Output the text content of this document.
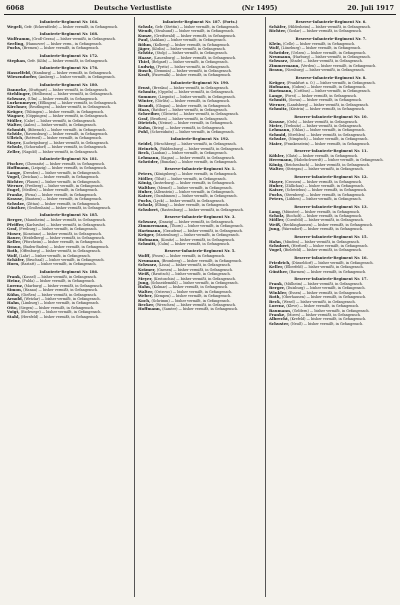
6068	Deutsche Verlustliste	(Nr 1495)	20. Juli 1917
Infanterie-Regiment Nr. 164.

Wegeli, Gefr. (Eckernförde) — bisher vermißt, in Gefangensch.

Infanterie-Regiment Nr. 168.

Wolframm, (Groß-Gerau) — bisher vermißt, in Gefangensch.

Seeling, (Hannover) — bisher verm., in Gefangensch.

Fuchs, (Bremen) — bisher vermißt, in Gefangensch.

Infanterie-Regiment Nr. 172.

Stephan, Gefr. (Köln) — bisher vermißt, in Gefangensch.

Infanterie-Regiment Nr. 176.

Hasselfeld, (Hamburg) — bisher vermißt, in Gefangensch.

Wiesendorfer, (Amberg) — bisher vermißt, in Gefangensch.

Infanterie-Regiment Nr. 180.

Danneke, (Stuttgart) — bisher vermißt, in Gefangensch.

Stehlinger, (Heilbronn) — bisher vermißt, in Gefangensch.

Schwarz, (Ulm) — bisher vermißt, in Gefangensch.

Lurkenmeyer, (Eßlingen) — bisher vermißt, in Gefangensch.

Kirchner, (Reutlingen) — bisher vermißt, in Gefangensch.

Krüger, (Tübingen) — bisher vermißt, in Gefangensch.

Wagner, (Göppingen) — bisher vermißt, in Gefangensch.

Müller, (Calw) — bisher vermißt, in Gefangensch.

Walter, (Aalen) — bisher vermißt, in Gefangensch.

Schmidt, (Biberach) — bisher vermißt, in Gefangensch.

Schüle, (Ravensburg) — bisher vermißt, in Gefangensch.

Ullrich, (Rottweil) — bisher vermißt, in Gefangensch.

Mayer, (Ludwigsburg) — bisher vermißt, in Gefangensch.

Schule, (Schorndorf) — bisher vermißt, in Gefangensch.

Zeller, (Nagold) — bisher vermißt, in Gefangensch.

Infanterie-Regiment Nr. 181.

Fischer, (Chemnitz) — bisher vermißt, in Gefangensch.

Hoffmann, (Leipzig) — bisher vermißt, in Gefangensch.

Lange, (Dresden) — bisher vermißt, in Gefangensch.

Vogel, (Zwickau) — bisher vermißt, in Gefangensch.

Richter, (Plauen) — bisher vermißt, in Gefangensch.

Werner, (Freiberg) — bisher vermißt, in Gefangensch.

Engel, (Meißen) — bisher vermißt, in Gefangensch.

Franke, (Pirna) — bisher vermißt, in Gefangensch.

Krause, (Bautzen) — bisher vermißt, in Gefangensch.

Schulze, (Zittau) — bisher vermißt, in Gefangensch.

Günther, (Großenhain) — bisher vermißt, in Gefangensch.

Infanterie-Regiment Nr. 185.

Berger, (Mannheim) — bisher vermißt, in Gefangensch.

Pfeiffer, (Karlsruhe) — bisher vermißt, in Gefangensch.

Graf, (Freiburg) — bisher vermißt, in Gefangensch.

Moser, (Konstanz) — bisher vermißt, in Gefangensch.

Bauer, (Heidelberg) — bisher vermißt, in Gefangensch.

Keller, (Pforzheim) — bisher vermißt, in Gefangensch.

Braun, (Baden-Baden) — bisher vermißt, in Gefangensch.

Roth, (Offenburg) — bisher vermißt, in Gefangensch.

Wolf, (Lahr) — bisher vermißt, in Gefangensch.

Schäfer, (Bruchsal) — bisher vermißt, in Gefangensch.

Horn, (Rastatt) — bisher vermißt, in Gefangensch.

Infanterie-Regiment Nr. 186.

Frank, (Kassel) — bisher vermißt, in Gefangensch.

Heinz, (Fulda) — bisher vermißt, in Gefangensch.

Lorenz, (Marburg) — bisher vermißt, in Gefangensch.

Simon, (Hanau) — bisher vermißt, in Gefangensch.

Kühn, (Gießen) — bisher vermißt, in Gefangensch.

Arnold, (Wetzlar) — bisher vermißt, in Gefangensch.

Hahn, (Limburg) — bisher vermißt, in Gefangensch.

Otto, (Siegen) — bisher vermißt, in Gefangensch.

Voigt, (Eschwege) — bisher vermißt, in Gefangensch.

Stahl, (Hersfeld) — bisher vermißt, in Gefangensch.

Infanterie-Regiment Nr. 187. (Forts.)

Schulz, Gefr. (Stettin) — bisher vermißt, in Gefangensch.

Wendt, (Stralsund) — bisher vermißt, in Gefangensch.

Kunze, (Greifswald) — bisher vermißt, in Gefangensch.

Paul, (Anklam) — bisher vermißt, in Gefangensch.

Böhm, (Kolberg) — bisher vermißt, in Gefangensch.

Jäger, (Köslin) — bisher vermißt, in Gefangensch.

Schütz, (Stolp) — bisher vermißt, in Gefangensch.

Haase, (Lauenburg) — bisher vermißt, in Gefangensch.

Thiel, (Belgard) — bisher vermißt, in Gefangensch.

Ludwig, (Pyritz) — bisher vermißt, in Gefangensch.

Busch, (Demmin) — bisher vermißt, in Gefangensch.

Kraft, (Pasewalk) — bisher vermißt, in Gefangensch.

Infanterie-Regiment Nr. 190.

Ernst, (Breslau) — bisher vermißt, in Gefangensch.

Schmitz, (Oppeln) — bisher vermißt, in Gefangensch.

Sommer, (Liegnitz) — bisher vermißt, in Gefangensch.

Winter, (Görlitz) — bisher vermißt, in Gefangensch.

Brandt, (Glogau) — bisher vermißt, in Gefangensch.

Haas, (Ratibor) — bisher vermißt, in Gefangensch.

Schreiber, (Gleiwitz) — bisher vermißt, in Gefangensch.

Graf, (Beuthen) — bisher vermißt, in Gefangensch.

Dietrich, (Neisse) — bisher vermißt, in Gefangensch.

Kuhn, (Brieg) — bisher vermißt, in Gefangensch.

Pohl, (Schweidnitz) — bisher vermißt, in Gefangensch.

Infanterie-Regiment Nr. 192.

Seidel, (Hirschberg) — bisher vermißt, in Gefangensch.

Heinrich, (Waldenburg) — bisher vermißt, in Gefangensch.

Beck, (Lauban) — bisher vermißt, in Gefangensch.

Lehmann, (Sagan) — bisher vermißt, in Gefangensch.

Schröder, (Bunzlau) — bisher vermißt, in Gefangensch.

Reserve-Infanterie-Regiment Nr. 1.

Peters, (Königsberg) — bisher vermißt, in Gefangensch.

Möller, (Tilsit) — bisher vermißt, in Gefangensch.

König, (Insterburg) — bisher vermißt, in Gefangensch.

Walther, (Memel) — bisher vermißt, in Gefangensch.

Huber, (Allenstein) — bisher vermißt, in Gefangensch.

Kaiser, (Gumbinnen) — bisher vermißt, in Gefangensch.

Fuchs, (Lyck) — bisher vermißt, in Gefangensch.

Scholz, (Elbing) — bisher vermißt, in Gefangensch.

Schubert, (Rastenburg) — bisher vermißt, in Gefangensch.

Reserve-Infanterie-Regiment Nr. 3.

Schwarz, (Danzig) — bisher vermißt, in Gefangensch.

Zimmermann, (Thorn) — bisher vermißt, in Gefangensch.

Hartmann, (Graudenz) — bisher vermißt, in Gefangensch.

Krüger, (Marienburg) — bisher vermißt, in Gefangensch.

Hofmann, (Konitz) — bisher vermißt, in Gefangensch.

Schmitt, (Culm) — bisher vermißt, in Gefangensch.

Reserve-Infanterie-Regiment Nr. 5.

Wolff, (Posen) — bisher vermißt, in Gefangensch.

Neumann, (Bromberg) — bisher vermißt, in Gefangensch.

Schwarz, (Lissa) — bisher vermißt, in Gefangensch.

Krämer, (Gnesen) — bisher vermißt, in Gefangensch.

Weiß, (Rawitsch) — bisher vermißt, in Gefangensch.

Meyer, (Krotoschin) — bisher vermißt, in Gefangensch.

Jung, (Schneidemühl) — bisher vermißt, in Gefangensch.

Hahn, (Kolmar) — bisher vermißt, in Gefangensch.

Walter, (Ostrowo) — bisher vermißt, in Gefangensch.

Weber, (Kempen) — bisher vermißt, in Gefangensch.

Koch, (Schrimm) — bisher vermißt, in Gefangensch.

Becker, (Wreschen) — bisher vermißt, in Gefangensch.

Hoffmann, (Samter) — bisher vermißt, in Gefangensch.

Reserve-Infanterie-Regiment Nr. 6.

Schäfer, (Hildesheim) — bisher vermißt, in Gefangensch.

Richter, (Goslar) — bisher vermißt, in Gefangensch.

Reserve-Infanterie-Regiment Nr. 7.

Klein, (Celle) — bisher vermißt, in Gefangensch.

Wolf, (Lüneburg) — bisher vermißt, in Gefangensch.

Schröder, (Uelzen) — bisher vermißt, in Gefangensch.

Neumann, (Harburg) — bisher vermißt, in Gefangensch.

Schwarz, (Stade) — bisher vermißt, in Gefangensch.

Zimmermann, (Verden) — bisher vermißt, in Gefangensch.

Braun, (Nienburg) — bisher vermißt, in Gefangensch.

Reserve-Infanterie-Regiment Nr. 8.

Krüger, (Frankfurt a. O.) — bisher vermißt, in Gefangensch.

Hofmann, (Guben) — bisher vermißt, in Gefangensch.

Hartmann, (Cottbus) — bisher vermißt, in Gefangensch.

Lange, (Forst) — bisher vermißt, in Gefangensch.

Schmitt, (Sorau) — bisher vermißt, in Gefangensch.

Werner, (Landsberg) — bisher vermißt, in Gefangensch.

Schmitz, (Küstrin) — bisher vermißt, in Gefangensch.

Reserve-Infanterie-Regiment Nr. 10.

Krause, (Oels) — bisher vermißt, in Gefangensch.

Meier, (Trebnitz) — bisher vermißt, in Gefangensch.

Lehmann, (Ohlau) — bisher vermißt, in Gefangensch.

Schmid, (Strehlen) — bisher vermißt, in Gefangensch.

Schulze, (Nimptsch) — bisher vermißt, in Gefangensch.

Maier, (Frankenstein) — bisher vermißt, in Gefangensch.

Reserve-Infanterie-Regiment Nr. 11.

Köhler, (Glatz) — bisher vermißt, in Gefangensch.

Herrmann, (Habelschwerdt) — bisher vermißt, in Gefangensch.

König, (Reichenbach) — bisher vermißt, in Gefangensch.

Walter, (Striegau) — bisher vermißt, in Gefangensch.

Reserve-Infanterie-Regiment Nr. 12.

Mayer, (Crossen) — bisher vermißt, in Gefangensch.

Huber, (Züllichau) — bisher vermißt, in Gefangensch.

Kaiser, (Schwiebus) — bisher vermißt, in Gefangensch.

Fuchs, (Sternberg) — bisher vermißt, in Gefangensch.

Peters, (Lübben) — bisher vermißt, in Gefangensch.

Reserve-Infanterie-Regiment Nr. 13.

Lang, (Münster) — bisher vermißt, in Gefangensch.

Scholz, (Bocholt) — bisher vermißt, in Gefangensch.

Möller, (Coesfeld) — bisher vermißt, in Gefangensch.

Weiß, (Recklinghausen) — bisher vermißt, in Gefangensch.

Jung, (Warendorf) — bisher vermißt, in Gefangensch.

Reserve-Infanterie-Regiment Nr. 15.

Hahn, (Minden) — bisher vermißt, in Gefangensch.

Schubert, (Herford) — bisher vermißt, in Gefangensch.

Vogel, (Bielefeld) — bisher vermißt, in Gefangensch.

Reserve-Infanterie-Regiment Nr. 16.

Friedrich, (Düsseldorf) — bisher vermißt, in Gefangensch.

Keller, (Elberfeld) — bisher vermißt, in Gefangensch.

Günther, (Barmen) — bisher vermißt, in Gefangensch.

Reserve-Infanterie-Regiment Nr. 17.

Frank, (Mülheim) — bisher vermißt, in Gefangensch.

Berger, (Duisburg) — bisher vermißt, in Gefangensch.

Winkler, (Essen) — bisher vermißt, in Gefangensch.

Roth, (Oberhausen) — bisher vermißt, in Gefangensch.

Beck, (Wesel) — bisher vermißt, in Gefangensch.

Lorenz, (Kleve) — bisher vermißt, in Gefangensch.

Baumann, (Geldern) — bisher vermißt, in Gefangensch.

Franke, (Moers) — bisher vermißt, in Gefangensch.

Albrecht, (Krefeld) — bisher vermißt, in Gefangensch.

Schuster, (Neuß) — bisher vermißt, in Gefangensch.
